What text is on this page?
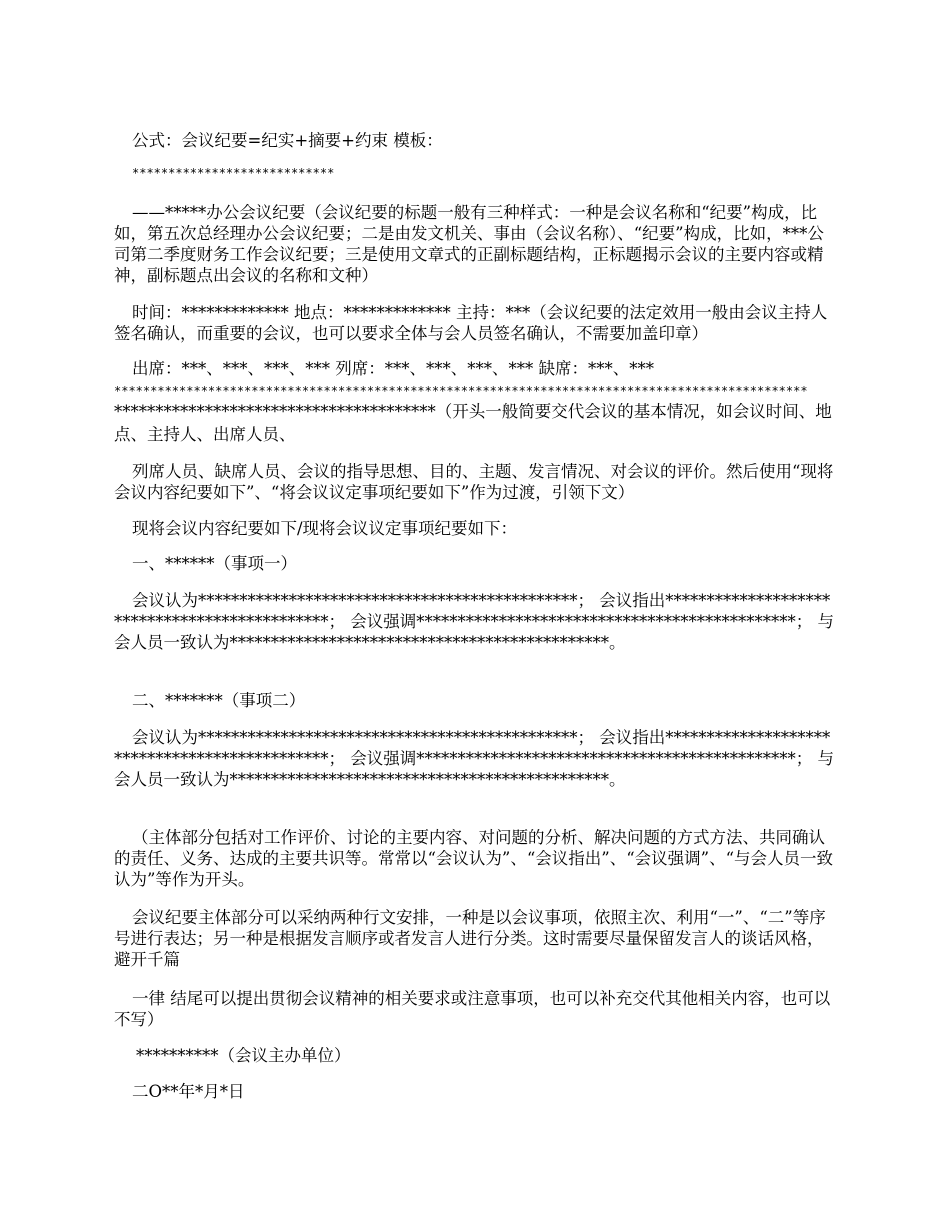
公式：会议纪要=纪实+摘要+约束 模板：

****************************

——*****办公会议纪要（会议纪要的标题一般有三种样式：一种是会议名称和“纪要”构成，比如，第五次总经理办公会议纪要；二是由发文机关、事由（会议名称）、“纪要”构成，比如，***公司第二季度财务工作会议纪要；三是使用文章式的正副标题结构，正标题揭示会议的主要内容或精神，副标题点出会议的名称和文种）

时间：************* 地点：************* 主持：***（会议纪要的法定效用一般由会议主持人签名确认，而重要的会议，也可以要求全体与会人员签名确认，不需要加盖印章）

出席：***、***、***、*** 列席：***、***、***、*** 缺席：***、***

************************************************************************************************

***************************************（开头一般简要交代会议的基本情况，如会议时间、地点、主持人、出席人员、

列席人员、缺席人员、会议的指导思想、目的、主题、发言情况、对会议的评价。然后使用“现将会议内容纪要如下”、“将会议议定事项纪要如下”作为过渡，引领下文）

现将会议内容纪要如下/现将会议议定事项纪要如下：

一、******（事项一）

会议认为**********************************************； 会议指出**********************************************； 会议强调**********************************************； 与会人员一致认为**********************************************。

二、*******（事项二）

会议认为**********************************************； 会议指出**********************************************； 会议强调**********************************************； 与会人员一致认为**********************************************。

（主体部分包括对工作评价、讨论的主要内容、对问题的分析、解决问题的方式方法、共同确认的责任、义务、达成的主要共识等。常常以“会议认为”、“会议指出”、“会议强调”、“与会人员一致认为”等作为开头。

会议纪要主体部分可以采纳两种行文安排，一种是以会议事项，依照主次、利用“一”、“二”等序号进行表达；另一种是根据发言顺序或者发言人进行分类。这时需要尽量保留发言人的谈话风格，避开千篇

一律 结尾可以提出贯彻会议精神的相关要求或注意事项，也可以补充交代其他相关内容，也可以不写）

**********（会议主办单位）

二О**年*月*日
